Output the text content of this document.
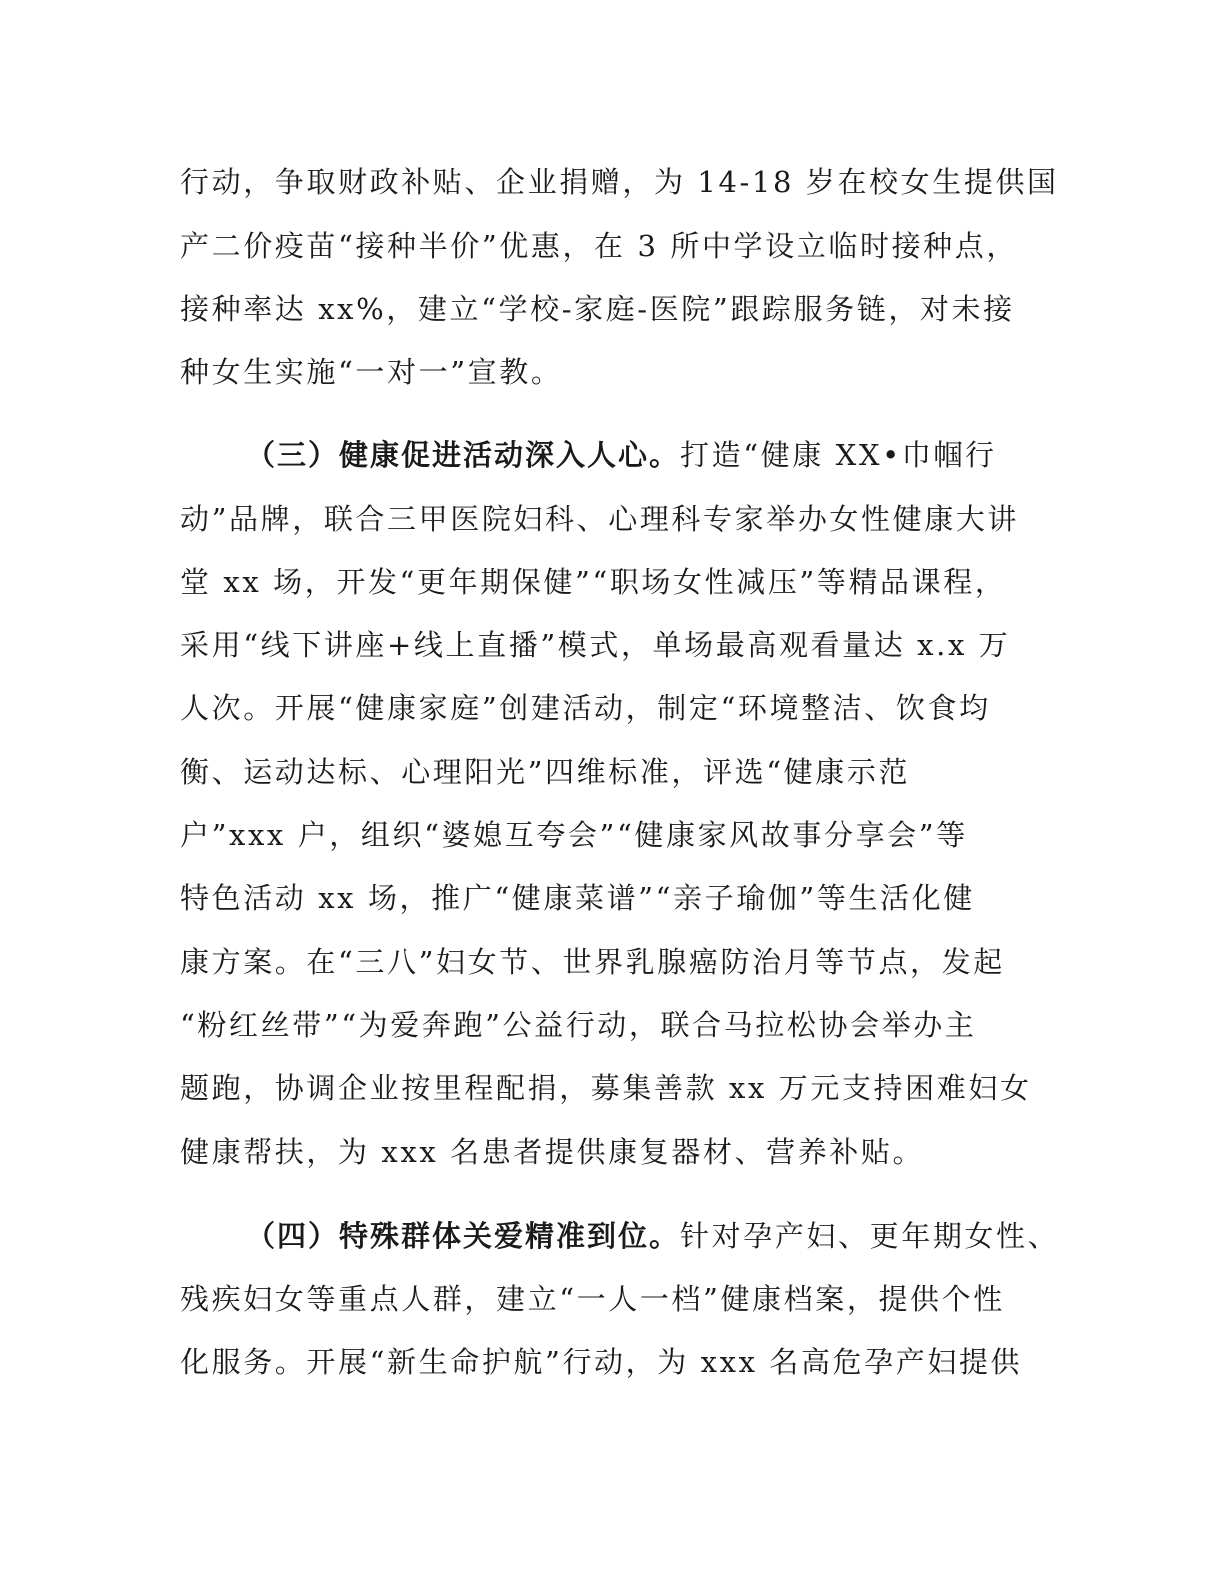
行动，争取财政补贴、企业捐赠，为 14-18 岁在校女生提供国
产二价疫苗“接种半价”优惠，在 3 所中学设立临时接种点，
接种率达 xx%，建立“学校-家庭-医院”跟踪服务链，对未接
种女生实施“一对一”宣教。
（三）健康促进活动深入人心。打造“健康 XX•巾帼行
动”品牌，联合三甲医院妇科、心理科专家举办女性健康大讲
堂 xx 场，开发“更年期保健”“职场女性减压”等精品课程，
采用“线下讲座+线上直播”模式，单场最高观看量达 x.x 万
人次。开展“健康家庭”创建活动，制定“环境整洁、饮食均
衡、运动达标、心理阳光”四维标准，评选“健康示范
户”xxx 户，组织“婆媳互夸会”“健康家风故事分享会”等
特色活动 xx 场，推广“健康菜谱”“亲子瑜伽”等生活化健
康方案。在“三八”妇女节、世界乳腺癌防治月等节点，发起
“粉红丝带”“为爱奔跑”公益行动，联合马拉松协会举办主
题跑，协调企业按里程配捐，募集善款 xx 万元支持困难妇女
健康帮扶，为 xxx 名患者提供康复器材、营养补贴。
（四）特殊群体关爱精准到位。针对孕产妇、更年期女性、
残疾妇女等重点人群，建立“一人一档”健康档案，提供个性
化服务。开展“新生命护航”行动，为 xxx 名高危孕产妇提供
